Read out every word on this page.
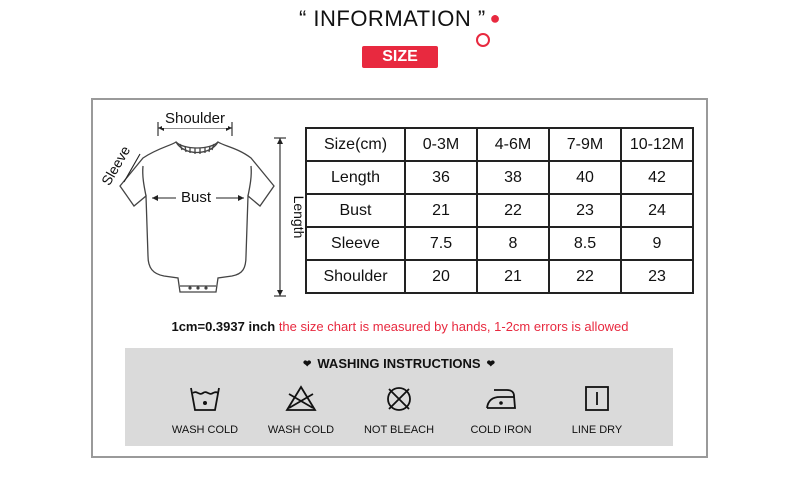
“ INFORMATION ” ●
SIZE
Shoulder
Sleeve
Bust	Length
Size(cm)	0-3M	4-6M	7-9M	10-12M
Length	36	38	40	42
Bust	21	22	23	24
Sleeve	7.5	8	8.5	9
Shoulder	20	21	22	23
1cm=0.3937 inch the size chart is measured by hands, 1-2cm errors is allowed
❤ WASHING INSTRUCTIONS ❤
WASH COLD	WASH COLD	NOT BLEACH	COLD IRON	LINE DRY
